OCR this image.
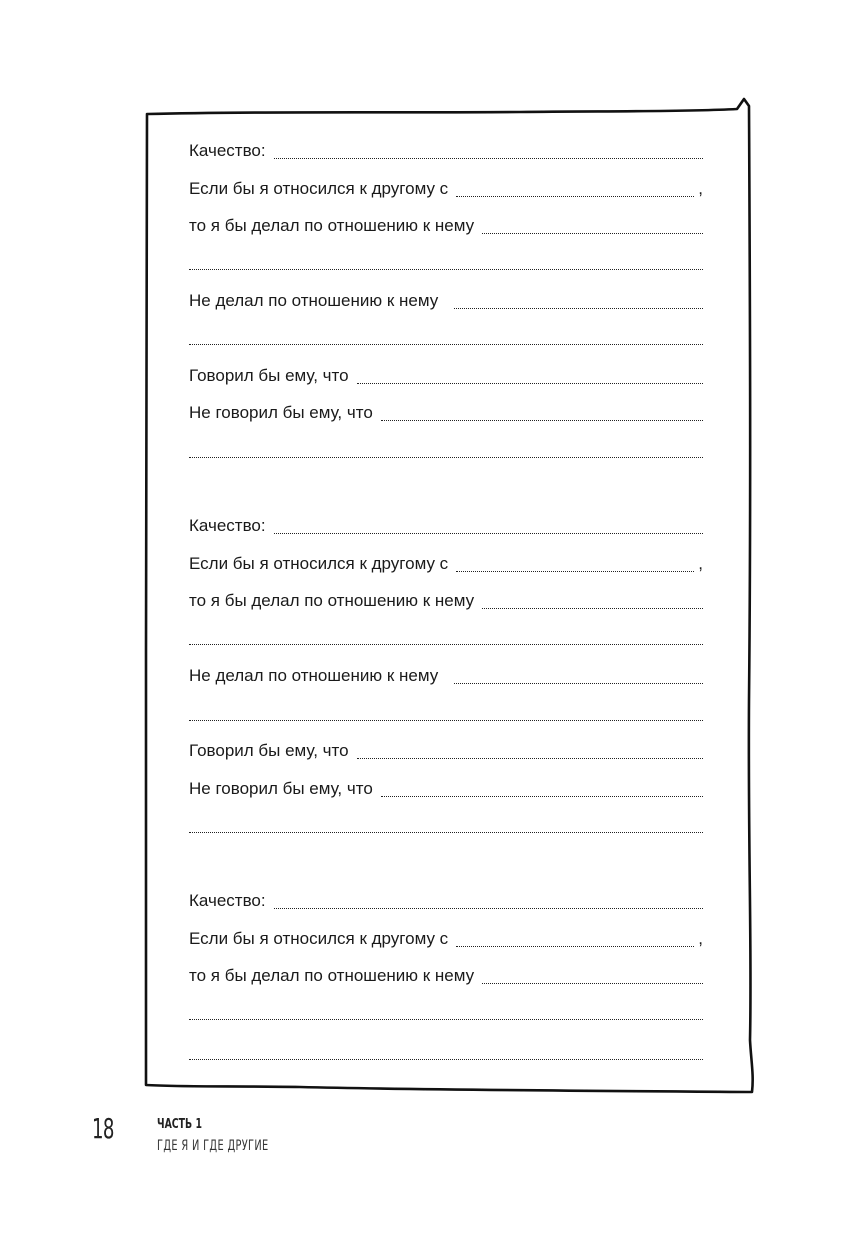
Качество:
Если бы я относился к другому с	,
то я бы делал по отношению к нему
Не делал по отношению к нему
Говорил бы ему, что
Не говорил бы ему, что
Качество:
Если бы я относился к другому с	,
то я бы делал по отношению к нему
Не делал по отношению к нему
Говорил бы ему, что
Не говорил бы ему, что
Качество:
Если бы я относился к другому с	,
то я бы делал по отношению к нему
18	ЧАСТЬ 1
ГДЕ Я И ГДЕ ДРУГИЕ
